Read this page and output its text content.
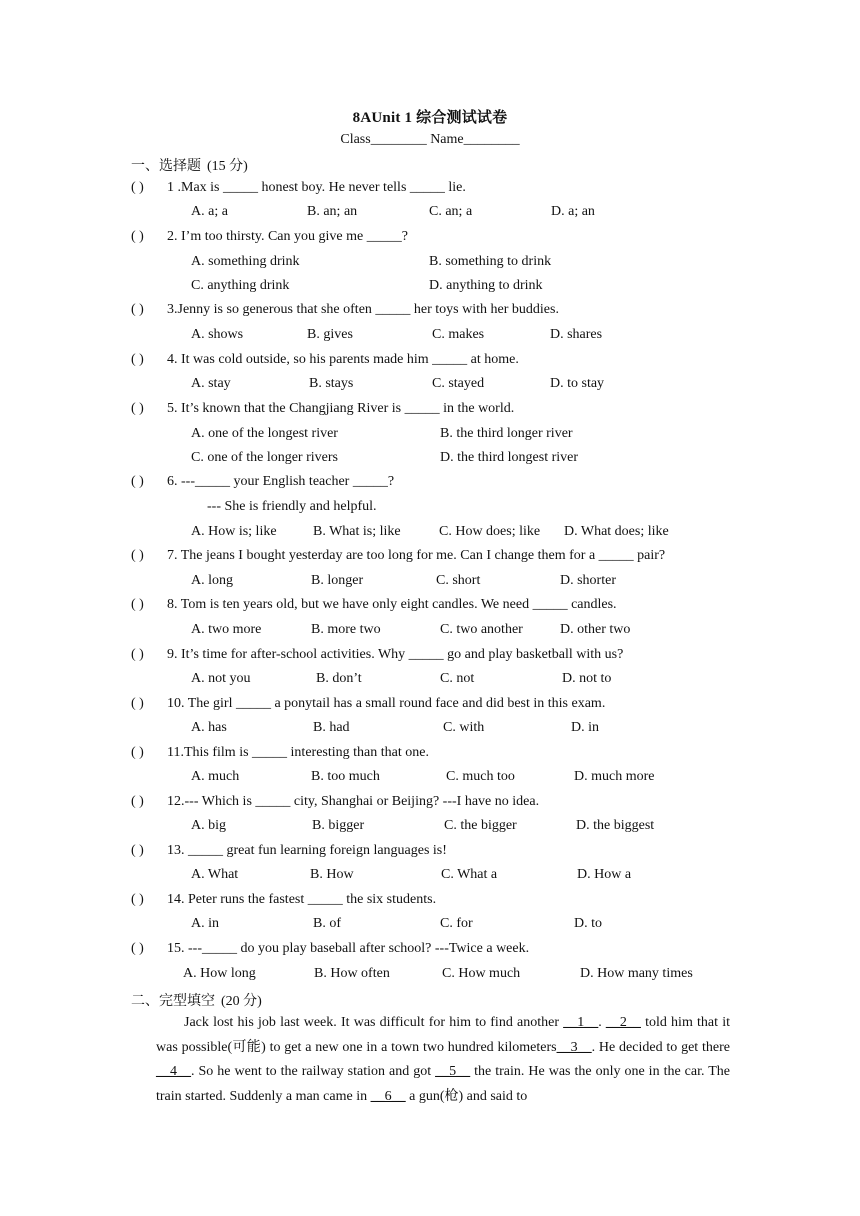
8AUnit 1 综合测试试卷
Class________ Name________
一、选择题 (15 分)
( ) 1 .Max is _____ honest boy. He never tells _____ lie.
A. a; a	B. an; an	C. an; a	D. a; an
( ) 2. I’m too thirsty. Can you give me _____?
A. something drink	B. something to drink
C. anything drink	D. anything to drink
( ) 3.Jenny is so generous that she often _____ her toys with her buddies.
A. shows	B. gives	C. makes	D. shares
( ) 4. It was cold outside, so his parents made him _____ at home.
A. stay	B. stays	C. stayed	D. to stay
( ) 5. It’s known that the Changjiang River is _____ in the world.
A. one of the longest river	B. the third longer river
C. one of the longer rivers	D. the third longest river
( ) 6. ---_____ your English teacher _____?
--- She is friendly and helpful.
A. How is; like	B. What is; like	C. How does; like D. What does; like
( ) 7. The jeans I bought yesterday are too long for me. Can I change them for a _____ pair?
A. long	B. longer	C. short	D. shorter
( ) 8. Tom is ten years old, but we have only eight candles. We need _____ candles.
A. two more	B. more two	C. two another	D. other two
( ) 9. It’s time for after-school activities. Why _____ go and play basketball with us?
A. not you	B. don’t	C. not	D. not to
( ) 10. The girl _____ a ponytail has a small round face and did best in this exam.
A. has	B. had	C. with	D. in
( ) 11.This film is _____ interesting than that one.
A. much	B. too much	C. much too	D. much more
( ) 12.--- Which is _____ city, Shanghai or Beijing? ---I have no idea.
A. big	B. bigger	C. the bigger	D. the biggest
( ) 13. _____ great fun learning foreign languages is!
A. What	B. How	C. What a	D. How a
( ) 14. Peter runs the fastest _____ the six students.
A. in	B. of	C. for	D. to
( ) 15. ---_____ do you play baseball after school? ---Twice a week.
A. How long	B. How often	C. How much	D. How many times
二、完型填空 (20 分)
Jack lost his job last week. It was difficult for him to find another __1__. __2__ told him that it was possible(可能) to get a new one in a town two hundred kilometers__3__. He decided to get there __4__. So he went to the railway station and got __5__ the train. He was the only one in the car. The train started. Suddenly a man came in __6__ a gun(枪) and said to
